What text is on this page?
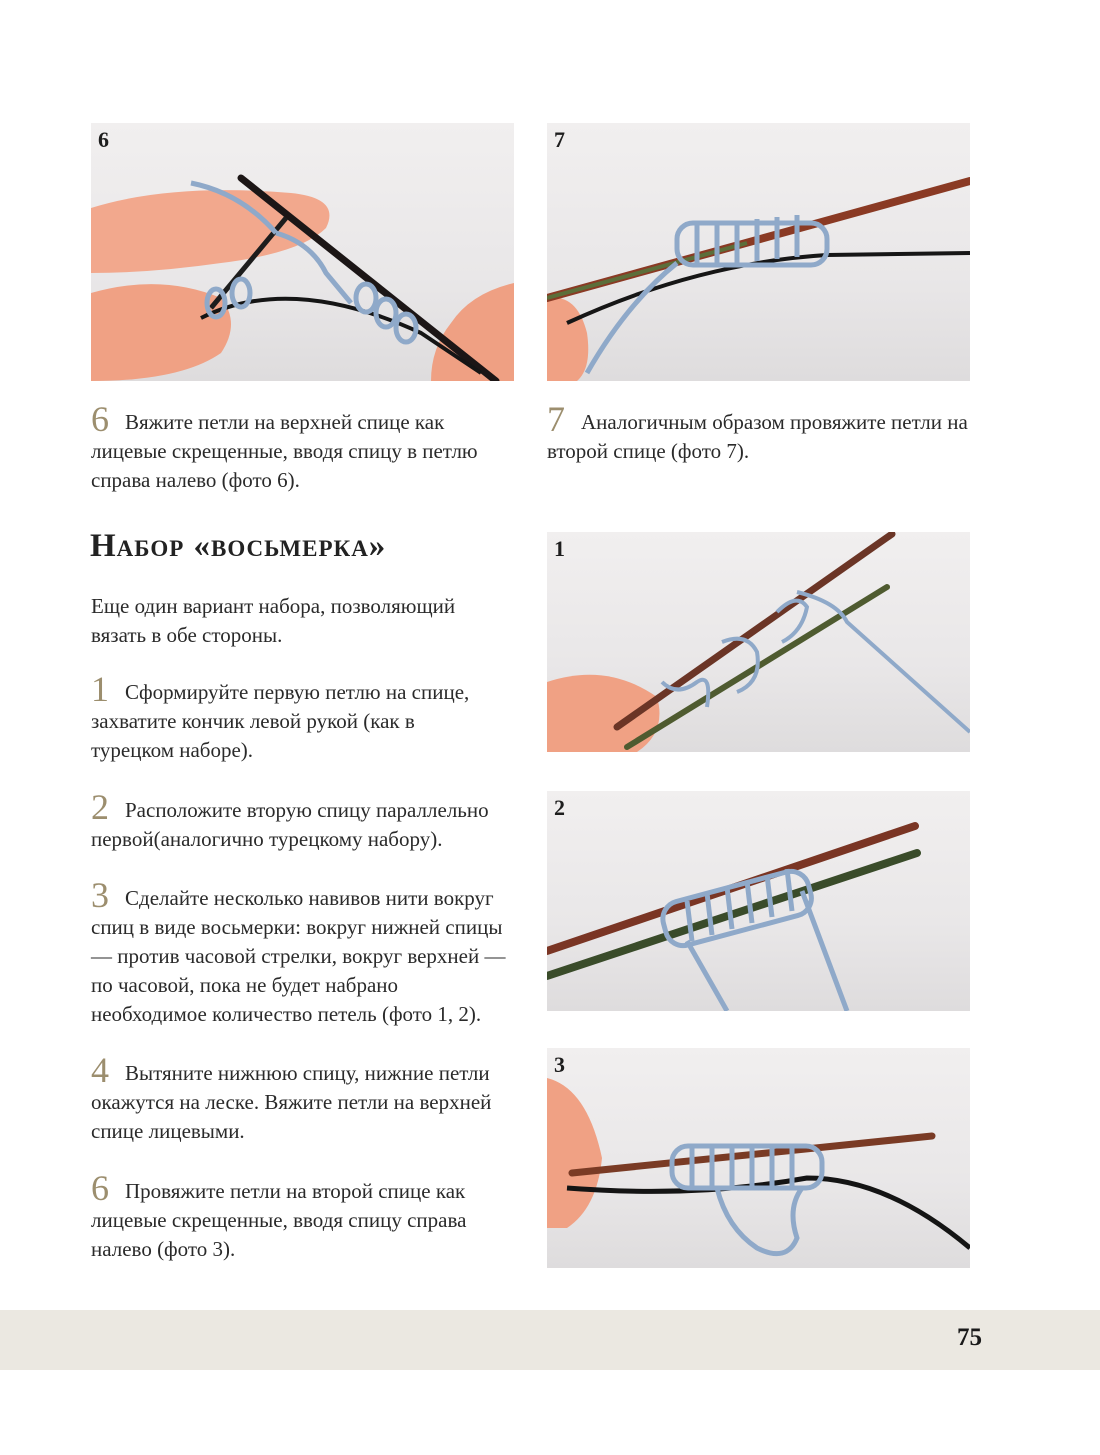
6	7
6 Вяжите петли на верхней спице как лицевые скрещенные, вводя спицу в петлю справа налево (фото 6).
7 Аналогичным образом провяжите петли на второй спице (фото 7).
Набор «восьмерка»
Еще один вариант набора, позволяющий вязать в обе стороны.
1 Сформируйте первую петлю на спице, захватите кончик левой рукой (как в турецком наборе).
2 Расположите вторую спицу параллельно первой(аналогично турецкому набору).
3 Сделайте несколько навивов нити вокруг спиц в виде восьмерки: вокруг нижней спицы — против часовой стрелки, вокруг верхней — по часовой, пока не будет набрано необходимое количество петель (фото 1, 2).
4 Вытяните нижнюю спицу, нижние петли окажутся на леске. Вяжите петли на верхней спице лицевыми.
6 Провяжите петли на второй спице как лицевые скрещенные, вводя спицу справа налево (фото 3).
1
2
3
75
